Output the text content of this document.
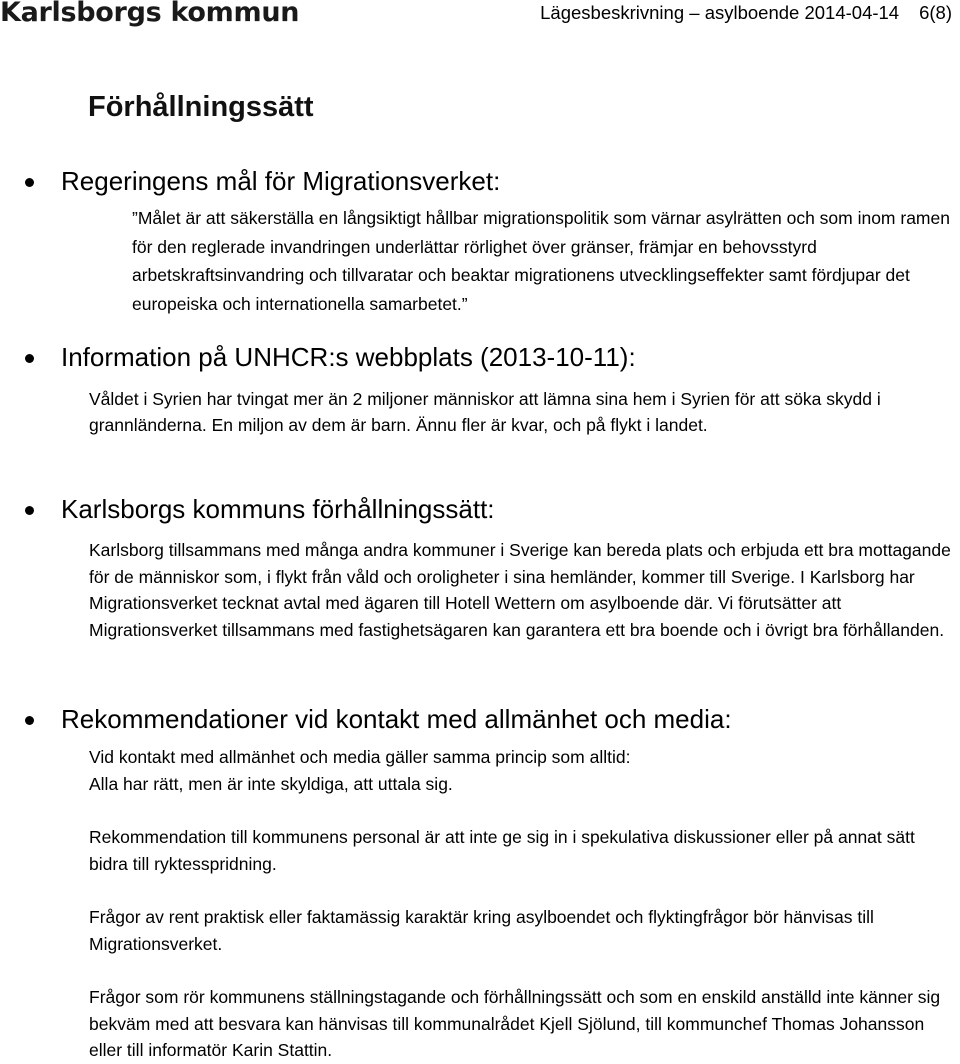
Karlsborgs kommun	Lägesbeskrivning – asylboende 2014-04-14 6(8)
Förhållningssätt
Regeringens mål för Migrationsverket:

”Målet är att säkerställa en långsiktigt hållbar migrationspolitik som värnar asylrätten och som inom ramen för den reglerade invandringen underlättar rörlighet över gränser, främjar en behovsstyrd arbetskraftsinvandring och tillvaratar och beaktar migrationens utvecklingseffekter samt fördjupar det europeiska och internationella samarbetet.”

Information på UNHCR:s webbplats (2013-10-11):

Våldet i Syrien har tvingat mer än 2 miljoner människor att lämna sina hem i Syrien för att söka skydd i grannländerna. En miljon av dem är barn. Ännu fler är kvar, och på flykt i landet.

Karlsborgs kommuns förhållningssätt:

Karlsborg tillsammans med många andra kommuner i Sverige kan bereda plats och erbjuda ett bra mottagande för de människor som, i flykt från våld och oroligheter i sina hemländer, kommer till Sverige. I Karlsborg har Migrationsverket tecknat avtal med ägaren till Hotell Wettern om asylboende där. Vi förutsätter att Migrationsverket tillsammans med fastighetsägaren kan garantera ett bra boende och i övrigt bra förhållanden.

Rekommendationer vid kontakt med allmänhet och media:

Vid kontakt med allmänhet och media gäller samma princip som alltid:

Alla har rätt, men är inte skyldiga, att uttala sig.

Rekommendation till kommunens personal är att inte ge sig in i spekulativa diskussioner eller på annat sätt bidra till ryktesspridning.

Frågor av rent praktisk eller faktamässig karaktär kring asylboendet och flyktingfrågor bör hänvisas till Migrationsverket.

Frågor som rör kommunens ställningstagande och förhållningssätt och som en enskild anställd inte känner sig bekväm med att besvara kan hänvisas till kommunalrådet Kjell Sjölund, till kommunchef Thomas Johansson eller till informatör Karin Stattin.
